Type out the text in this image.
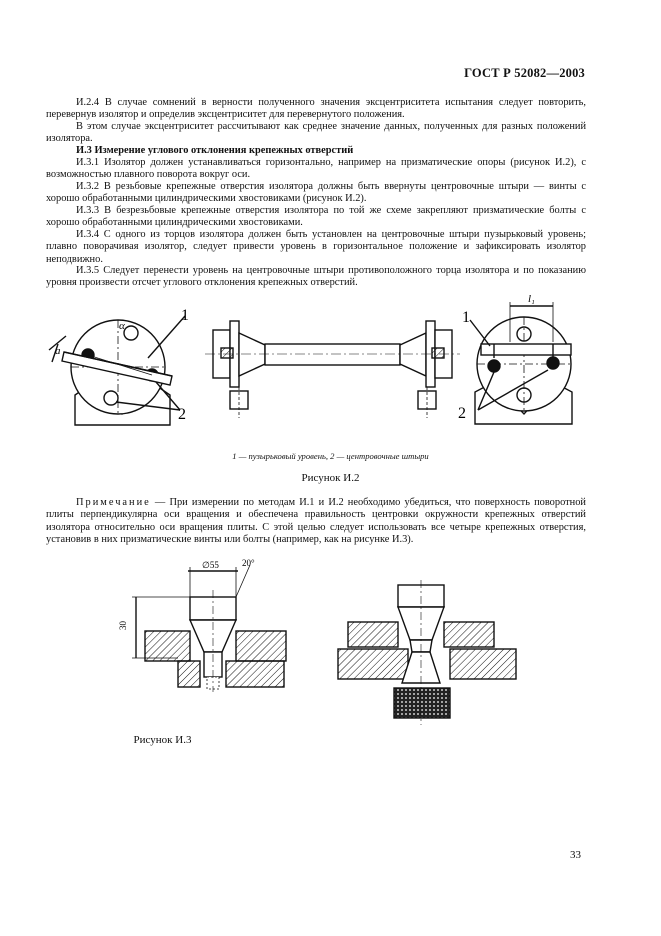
ГОСТ Р 52082—2003
И.2.4 В случае сомнений в верности полученного значения эксцентриситета испытания следует повторить, перевернув изолятор и определив эксцентриситет для перевернутого положения.
В этом случае эксцентриситет рассчитывают как среднее значение данных, полученных для разных положений изолятора.
И.3 Измерение углового отклонения крепежных отверстий
И.3.1 Изолятор должен устанавливаться горизонтально, например на призматические опоры (рисунок И.2), с возможностью плавного поворота вокруг оси.
И.3.2 В резьбовые крепежные отверстия изолятора должны быть ввернуты центровочные штыри — винты с хорошо обработанными цилиндрическими хвостовиками (рисунок И.2).
И.3.3 В безрезьбовые крепежные отверстия изолятора по той же схеме закрепляют призматические болты с хорошо обработанными цилиндрическими хвостовиками.
И.3.4 С одного из торцов изолятора должен быть установлен на центровочные штыри пузырьковый уровень; плавно поворачивая изолятор, следует привести уровень в горизонтальное положение и зафиксировать изолятор неподвижно.
И.3.5 Следует перенести уровень на центровочные штыри противоположного торца изолятора и по показанию уровня произвести отсчет углового отклонения крепежных отверстий.
α
a
1
2
l₁
1
2
1 — пузырьковый уровень, 2 — центровочные штыри
Рисунок И.2
Примечание — При измерении по методам И.1 и И.2 необходимо убедиться, что поверхность поворотной плиты перпендикулярна оси вращения и обеспечена правильность центровки окружности крепежных отверстий изолятора относительно оси вращения плиты. С этой целью следует использовать все четыре крепежных отверстия, установив в них призматические винты или болты (например, как на рисунке И.3).
∅55	20°
30
Рисунок И.3
33
